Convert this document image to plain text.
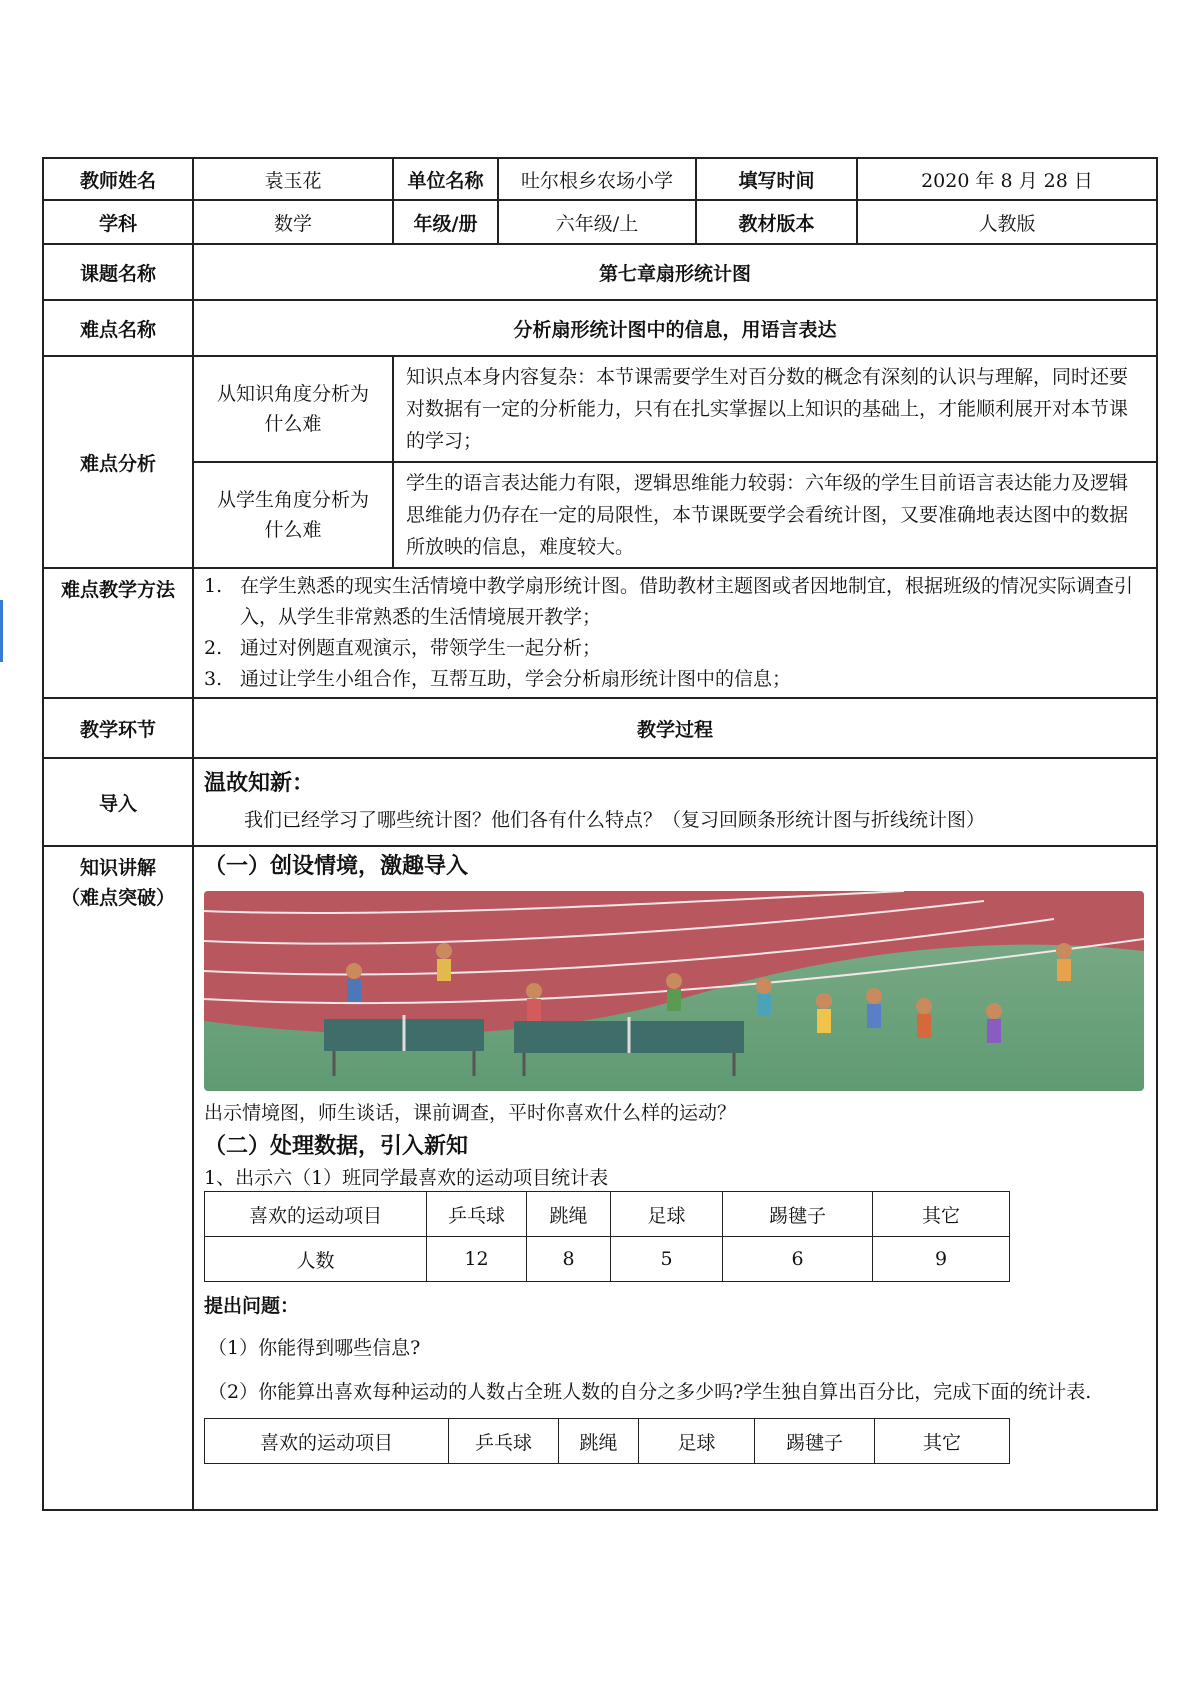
教师姓名	袁玉花	单位名称	吐尔根乡农场小学	填写时间	2020 年 8 月 28 日
学科	数学	年级/册	六年级/上	教材版本	人教版
课题名称	第七章扇形统计图
难点名称	分析扇形统计图中的信息，用语言表达
难点分析	从知识角度分析为什么难	知识点本身内容复杂：本节课需要学生对百分数的概念有深刻的认识与理解，同时还要对数据有一定的分析能力，只有在扎实掌握以上知识的基础上，才能顺利展开对本节课的学习；
从学生角度分析为什么难	学生的语言表达能力有限，逻辑思维能力较弱：六年级的学生目前语言表达能力及逻辑思维能力仍存在一定的局限性，本节课既要学会看统计图，又要准确地表达图中的数据所放映的信息，难度较大。
难点教学方法	1. 在学生熟悉的现实生活情境中教学扇形统计图。借助教材主题图或者因地制宜，根据班级的情况实际调查引入，从学生非常熟悉的生活情境展开教学；
2. 通过对例题直观演示，带领学生一起分析；
3. 通过让学生小组合作，互帮互助，学会分析扇形统计图中的信息；

教学环节	教学过程
导入	
温故知新：
我们已经学习了哪些统计图？他们各有什么特点？（复习回顾条形统计图与折线统计图）

知识讲解
（难点突破）

（一）创设情境，激趣导入
出示情境图，师生谈话，课前调查，平时你喜欢什么样的运动？
（二）处理数据，引入新知
1、出示六（1）班同学最喜欢的运动项目统计表
喜欢的运动项目	乒乓球	跳绳	足球	踢毽子	其它
人数	12	8	5	6	9
提出问题：
（1）你能得到哪些信息?
（2）你能算出喜欢每种运动的人数占全班人数的自分之多少吗?学生独自算出百分比，完成下面的统计表.
喜欢的运动项目	乒乓球	跳绳	足球	踢毽子	其它
